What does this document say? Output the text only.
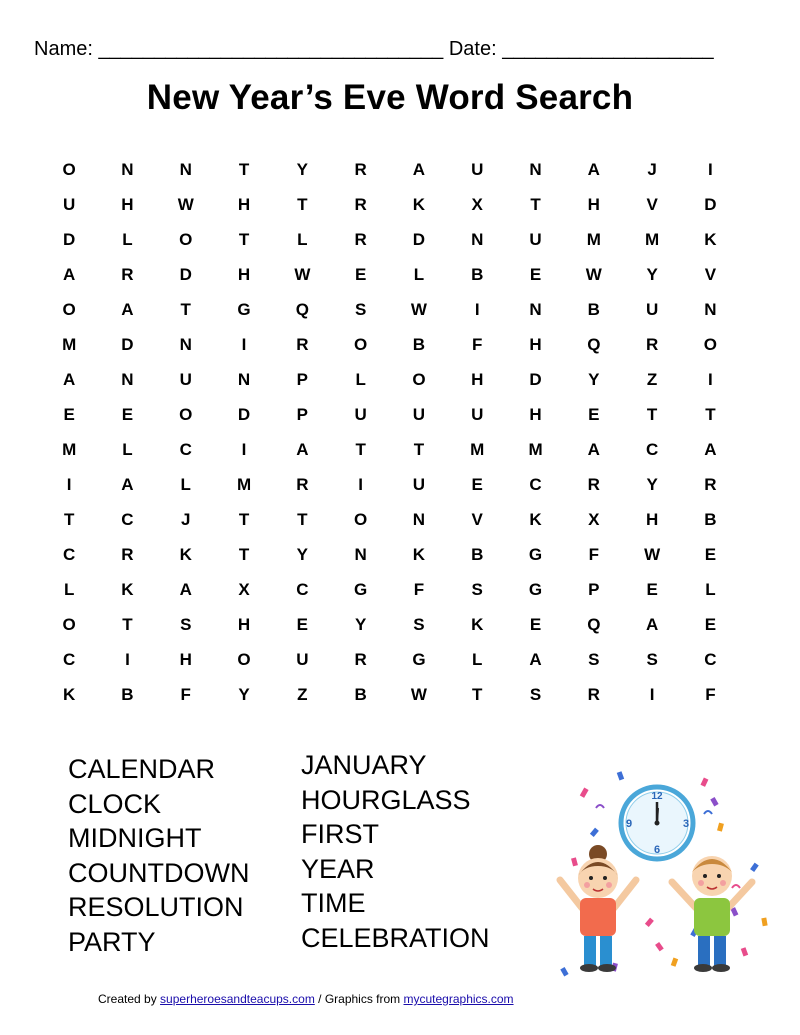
Name: _______________________________ Date: ___________________
New Year’s Eve Word Search
O	N	N	T	Y	R	A	U	N	A	J	I
U	H	W	H	T	R	K	X	T	H	V	D
D	L	O	T	L	R	D	N	U	M	M	K
A	R	D	H	W	E	L	B	E	W	Y	V
O	A	T	G	Q	S	W	I	N	B	U	N
M	D	N	I	R	O	B	F	H	Q	R	O
A	N	U	N	P	L	O	H	D	Y	Z	I
E	E	O	D	P	U	U	U	H	E	T	T
M	L	C	I	A	T	T	M	M	A	C	A
I	A	L	M	R	I	U	E	C	R	Y	R
T	C	J	T	T	O	N	V	K	X	H	B
C	R	K	T	Y	N	K	B	G	F	W	E
L	K	A	X	C	G	F	S	G	P	E	L
O	T	S	H	E	Y	S	K	E	Q	A	E
C	I	H	O	U	R	G	L	A	S	S	C
K	B	F	Y	Z	B	W	T	S	R	I	F
CALENDAR
CLOCK
MIDNIGHT
COUNTDOWN
RESOLUTION
PARTY
JANUARY
HOURGLASS
FIRST
YEAR
TIME
CELEBRATION
12
3
6
9
Created by superheroesandteacups.com / Graphics from mycutegraphics.com
